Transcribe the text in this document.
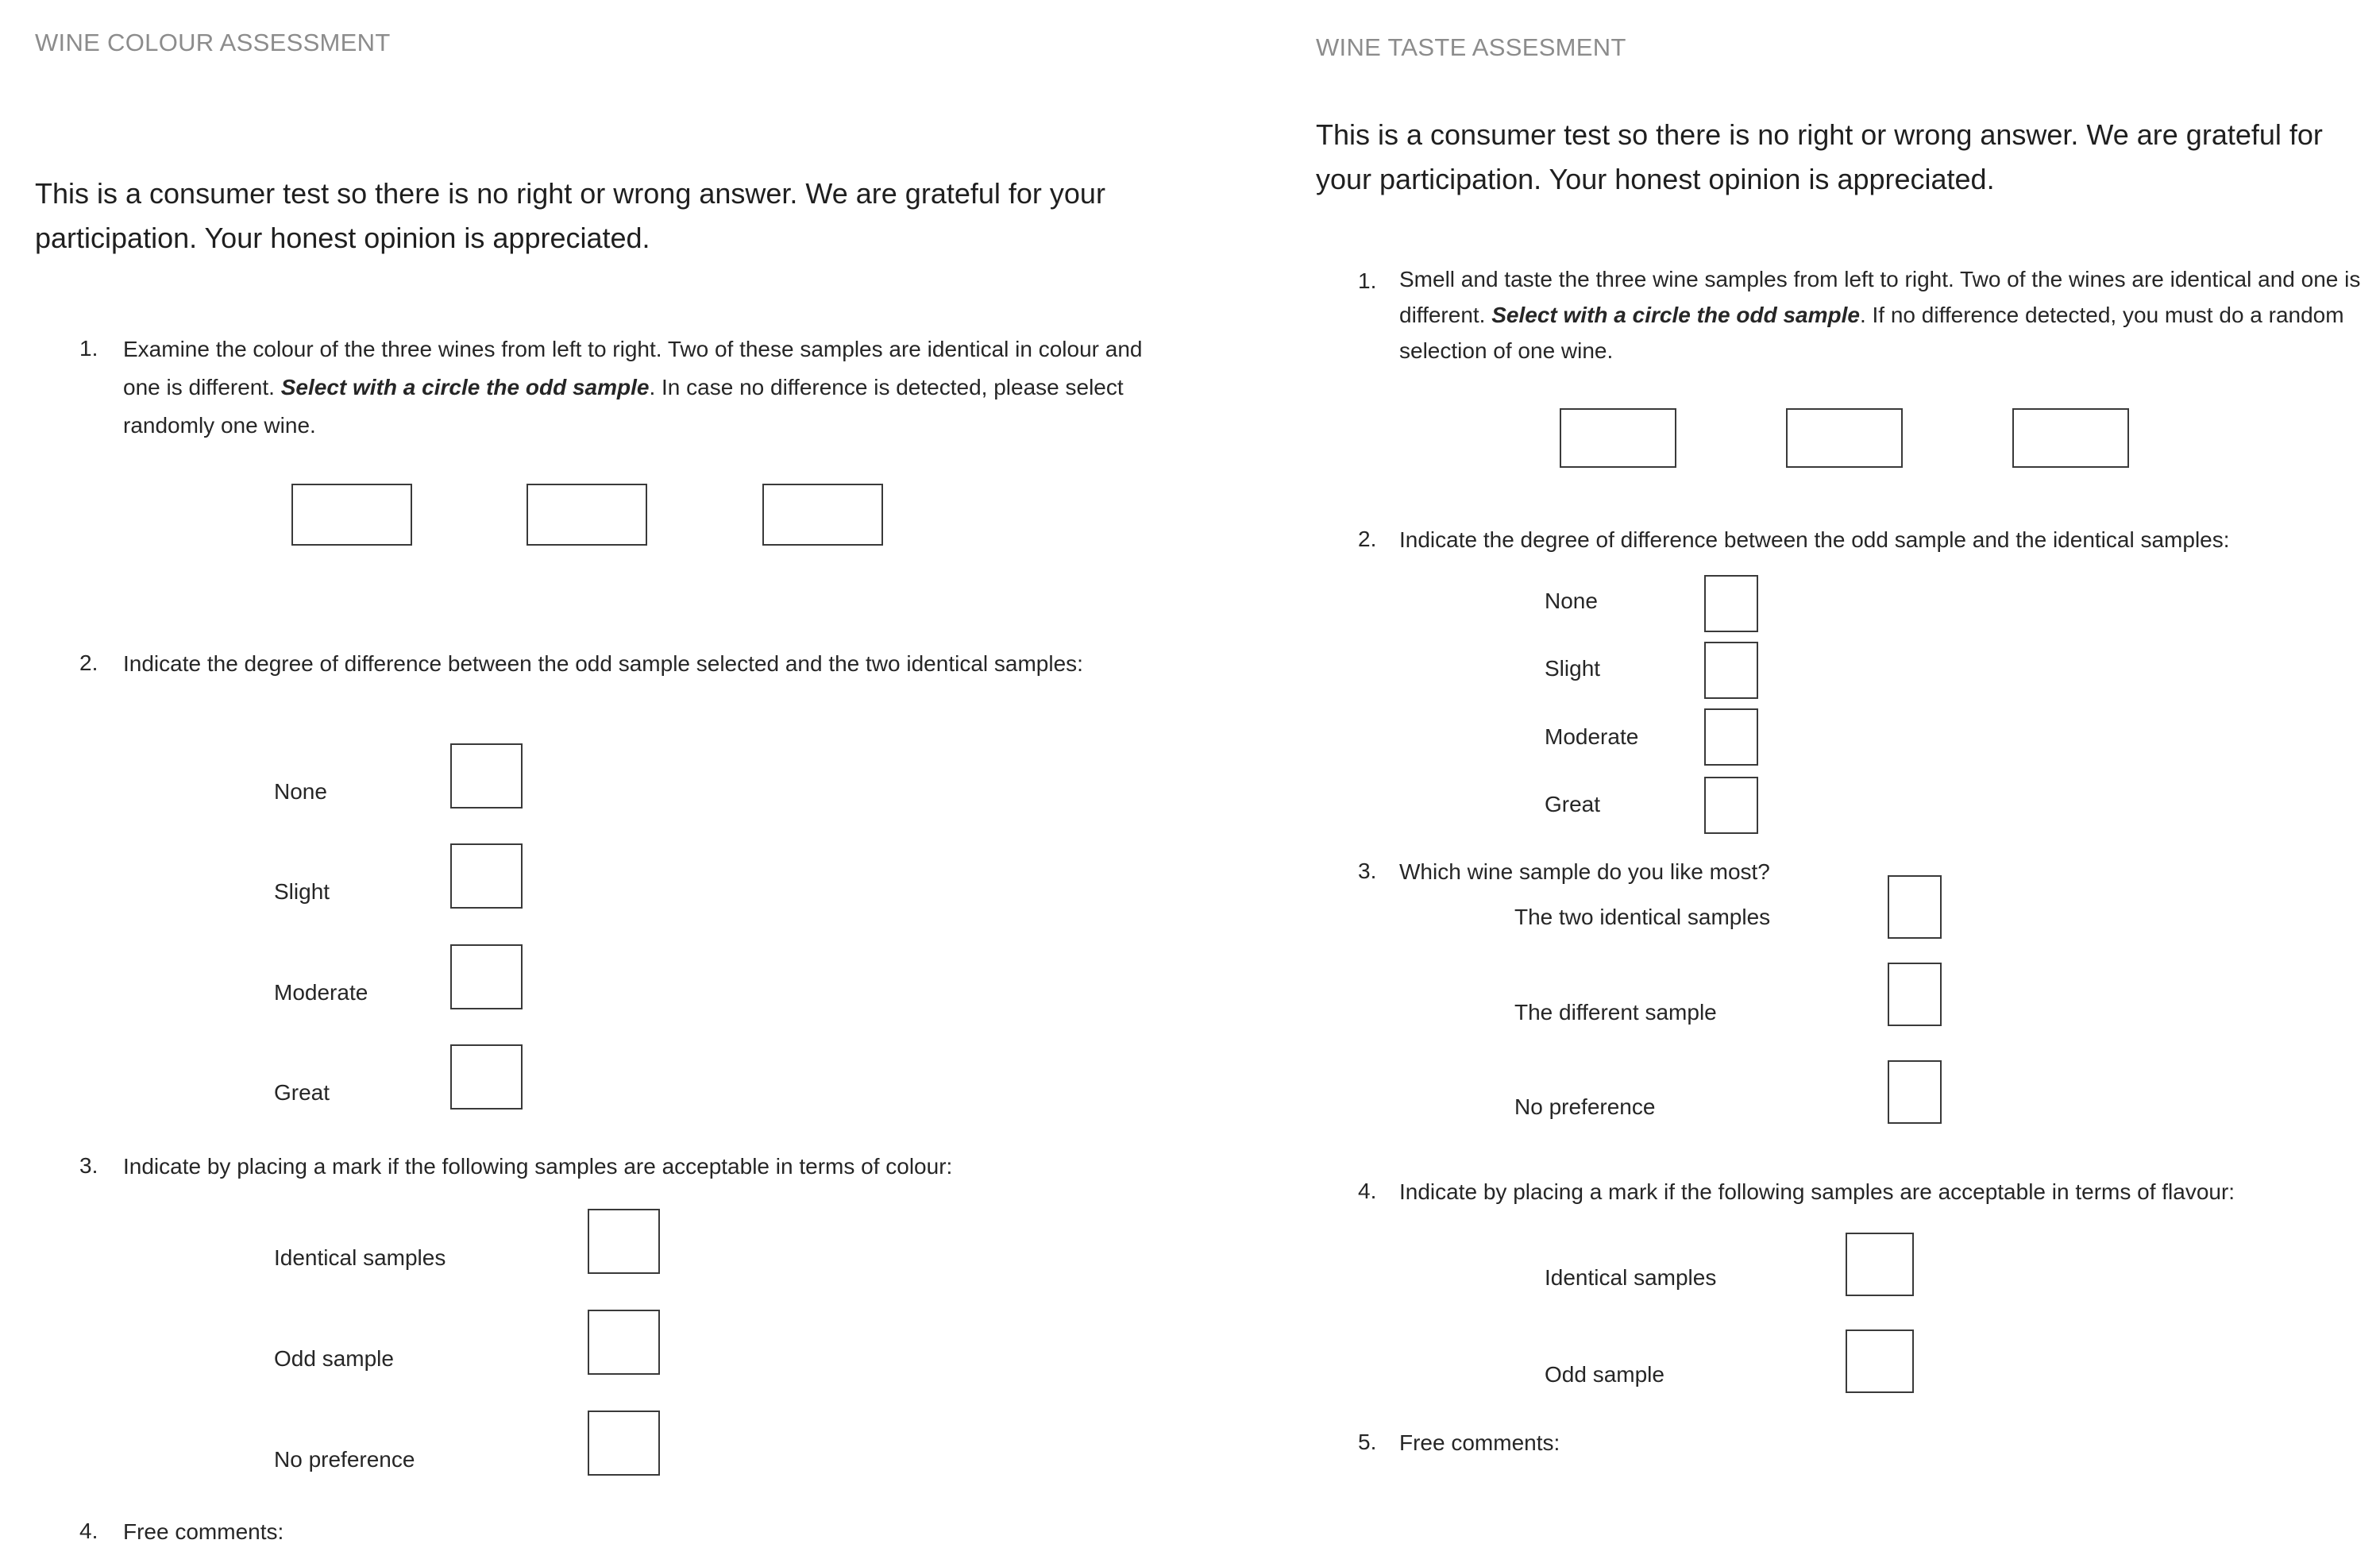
WINE COLOUR ASSESSMENT
This is a consumer test so there is no right or wrong answer. We are grateful for your participation. Your honest opinion is appreciated.
1. Examine the colour of the three wines from left to right. Two of these samples are identical in colour and one is different. Select with a circle the odd sample. In case no difference is detected, please select randomly one wine.
2. Indicate the degree of difference between the odd sample selected and the two identical samples:
None
Slight
Moderate
Great
3. Indicate by placing a mark if the following samples are acceptable in terms of colour:
Identical samples
Odd sample
No preference
4. Free comments:
WINE TASTE ASSESMENT
This is a consumer test so there is no right or wrong answer. We are grateful for your participation. Your honest opinion is appreciated.
1. Smell and taste the three wine samples from left to right. Two of the wines are identical and one is different. Select with a circle the odd sample. If no difference detected, you must do a random selection of one wine.
2. Indicate the degree of difference between the odd sample and the identical samples:
None
Slight
Moderate
Great
3. Which wine sample do you like most?
The two identical samples
The different sample
No preference
4. Indicate by placing a mark if the following samples are acceptable in terms of flavour:
Identical samples
Odd sample
5. Free comments:
